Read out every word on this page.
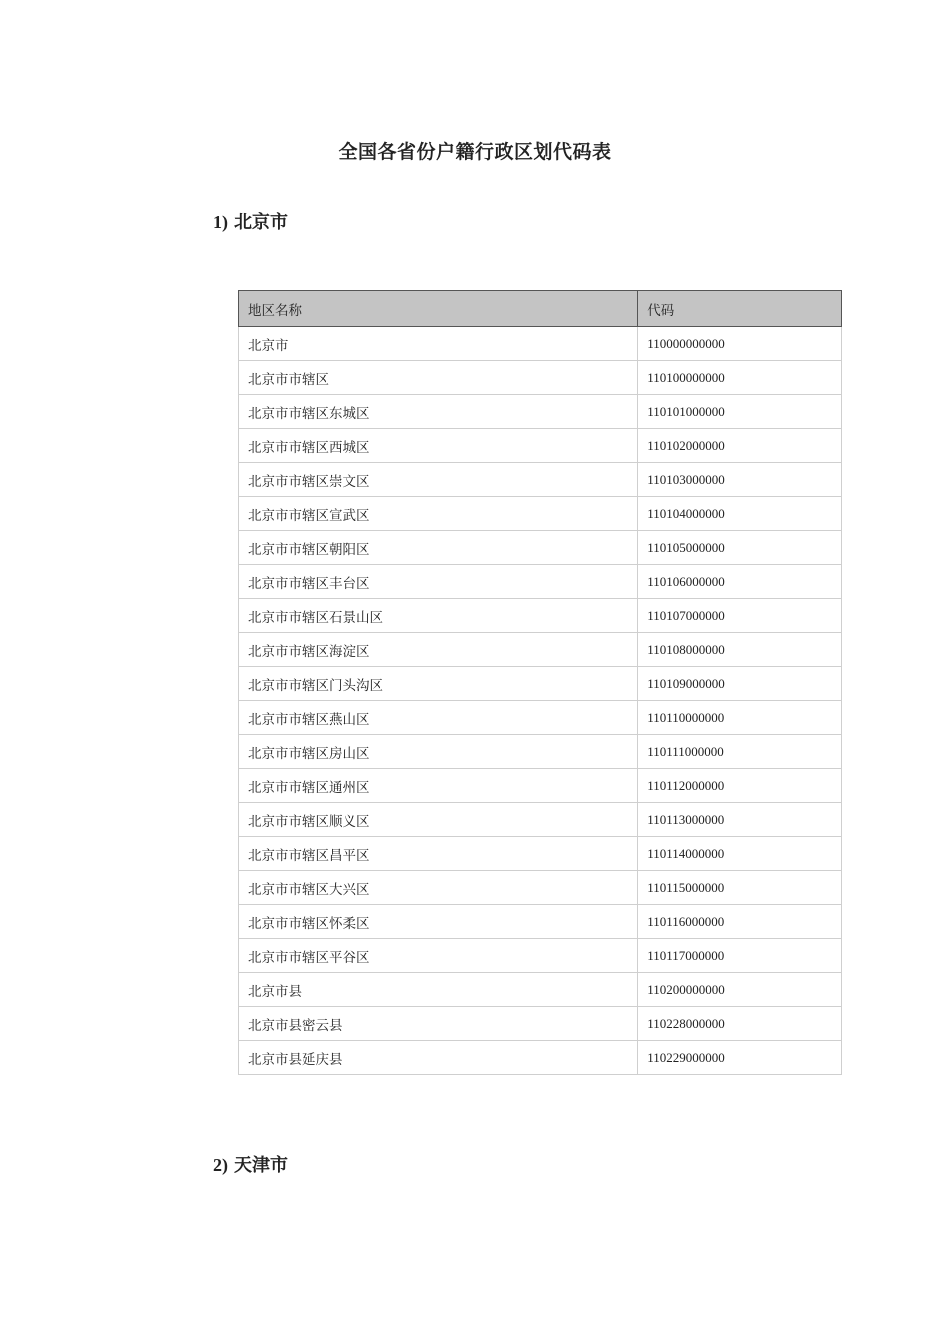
全国各省份户籍行政区划代码表
1) 北京市
地区名称	代码
北京市	110000000000
北京市市辖区	110100000000
北京市市辖区东城区	110101000000
北京市市辖区西城区	110102000000
北京市市辖区崇文区	110103000000
北京市市辖区宣武区	110104000000
北京市市辖区朝阳区	110105000000
北京市市辖区丰台区	110106000000
北京市市辖区石景山区	110107000000
北京市市辖区海淀区	110108000000
北京市市辖区门头沟区	110109000000
北京市市辖区燕山区	110110000000
北京市市辖区房山区	110111000000
北京市市辖区通州区	110112000000
北京市市辖区顺义区	110113000000
北京市市辖区昌平区	110114000000
北京市市辖区大兴区	110115000000
北京市市辖区怀柔区	110116000000
北京市市辖区平谷区	110117000000
北京市县	110200000000
北京市县密云县	110228000000
北京市县延庆县	110229000000
2) 天津市
